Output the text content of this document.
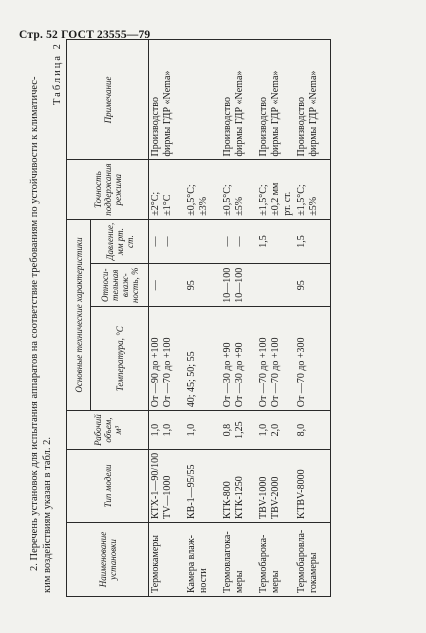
Стр. 52 ГОСТ 23555—79
2. Перечень установок для испытания аппаратов на соответствие требованиям по устойчивости к климатичес- ким воздействиям указан в табл. 2.
Таблица 2
Наименование установки	Тип модели	Рабочий объем, м³	Основные технические характеристики			Точность поддержания режима	Примечание
			Температура, °С	Относи-тельная влаж-ность, %	Давление, мм рт. ст.		

Термокамеры	КТХ-1—90/100 TV—1000	1,0 1,0	От —90 до +100 От —70 до +100	—	— —	±2°С; ±1°С	Производство фирмы ГДР «Nema»

Камера влаж- ности	КВ-1—95/55	1,0	40; 45; 50; 55	95		±0,5°С; ±3%	

Термовлагока- меры	КТК-800 КТК-1250	0,8 1,25	От —30 до +90 От —30 до +90	10—100 10—100	— —	±0,5°С; ±5%	Производство фирмы ГДР «Nema»

Термобарока- меры	TBV-1000 TBV-2000	1,0 2,0	От —70 до +100 От —70 до +100		1,5	±1,5°С; ±0,2 мм рт. ст.	Производство фирмы ГДР «Nema»

Термобаровла- гокамеры	KTBV-8000	8,0	От —70 до +300	95	1,5	±1,5°С; ±5%	Производство фирмы ГДР «Nema»
